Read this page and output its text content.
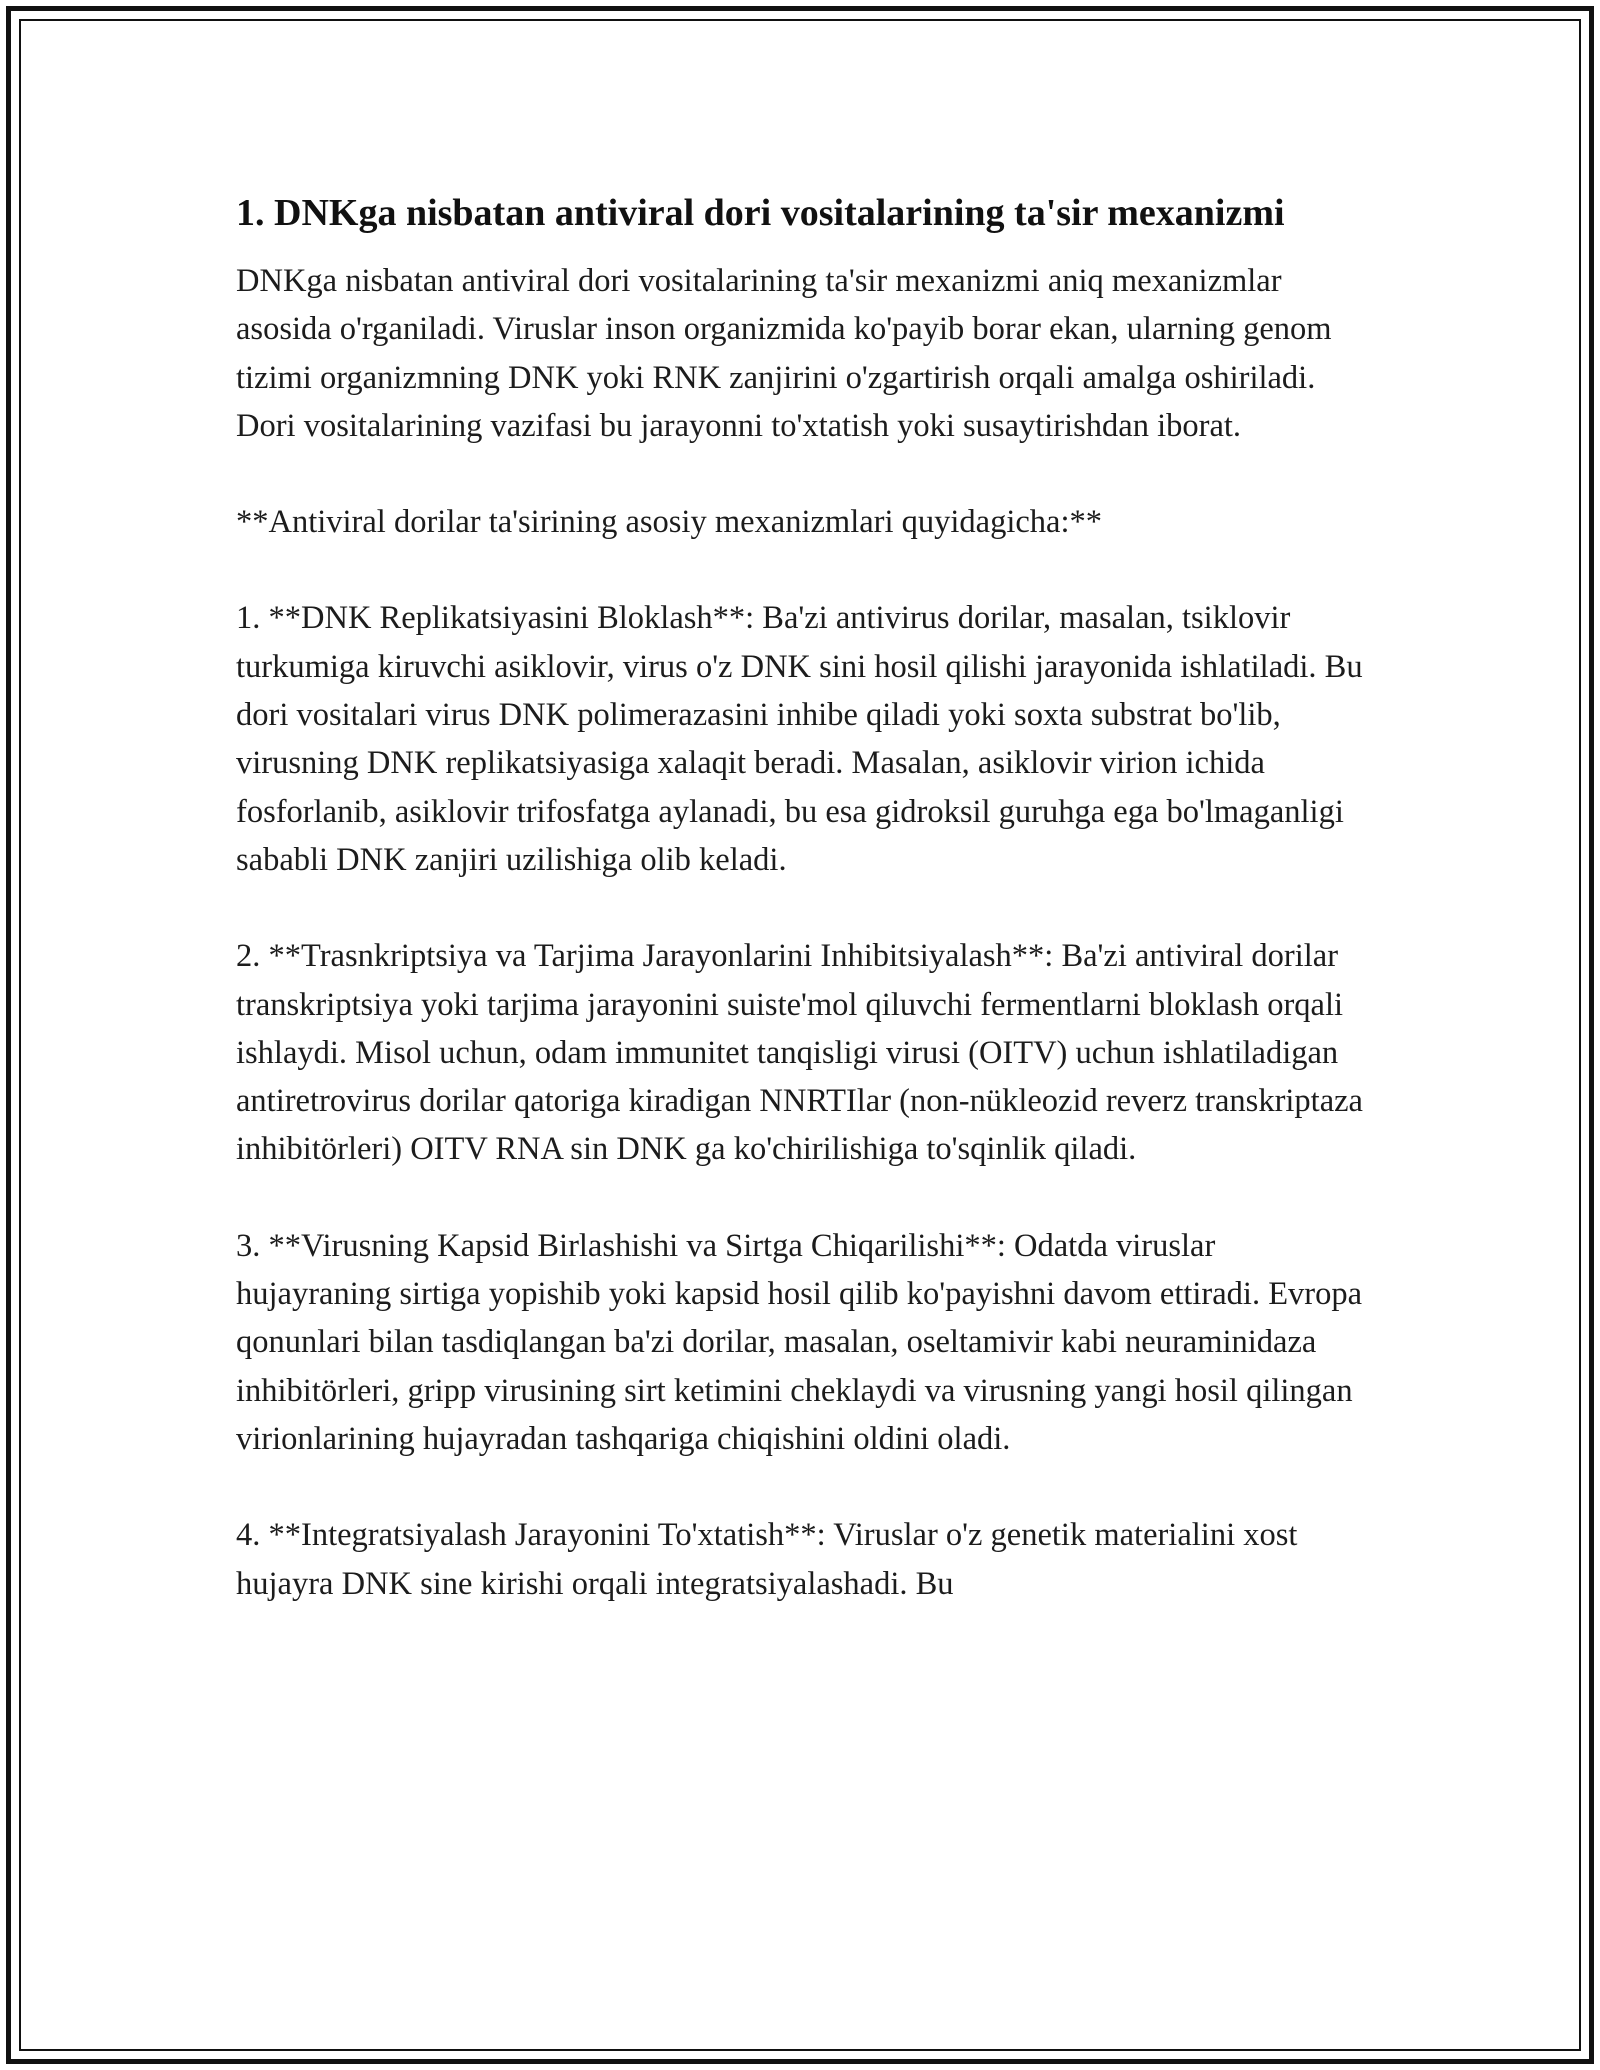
1. DNKga nisbatan antiviral dori vositalarining ta'sir mexanizmi

DNKga nisbatan antiviral dori vositalarining ta'sir mexanizmi aniq mexanizmlar asosida o'rganiladi. Viruslar inson organizmida ko'payib borar ekan, ularning genom tizimi organizmning DNK yoki RNK zanjirini o'zgartirish orqali amalga oshiriladi. Dori vositalarining vazifasi bu jarayonni to'xtatish yoki susaytirishdan iborat.

**Antiviral dorilar ta'sirining asosiy mexanizmlari quyidagicha:**

1. **DNK Replikatsiyasini Bloklash**: Ba'zi antivirus dorilar, masalan, tsiklovir turkumiga kiruvchi asiklovir, virus o'z DNK sini hosil qilishi jarayonida ishlatiladi. Bu dori vositalari virus DNK polimerazasini inhibe qiladi yoki soxta substrat bo'lib, virusning DNK replikatsiyasiga xalaqit beradi. Masalan, asiklovir virion ichida fosforlanib, asiklovir trifosfatga aylanadi, bu esa gidroksil guruhga ega bo'lmaganligi sababli DNK zanjiri uzilishiga olib keladi.

2. **Trasnkriptsiya va Tarjima Jarayonlarini Inhibitsiyalash**: Ba'zi antiviral dorilar transkriptsiya yoki tarjima jarayonini suiste'mol qiluvchi fermentlarni bloklash orqali ishlaydi. Misol uchun, odam immunitet tanqisligi virusi (OITV) uchun ishlatiladigan antiretrovirus dorilar qatoriga kiradigan NNRTIlar (non-nükleozid reverz transkriptaza inhibitörleri) OITV RNA sin DNK ga ko'chirilishiga to'sqinlik qiladi.

3. **Virusning Kapsid Birlashishi va Sirtga Chiqarilishi**: Odatda viruslar hujayraning sirtiga yopishib yoki kapsid hosil qilib ko'payishni davom ettiradi. Evropa qonunlari bilan tasdiqlangan ba'zi dorilar, masalan, oseltamivir kabi neuraminidaza inhibitörleri, gripp virusining sirt ketimini cheklaydi va virusning yangi hosil qilingan virionlarining hujayradan tashqariga chiqishini oldini oladi.

4. **Integratsiyalash Jarayonini To'xtatish**: Viruslar o'z genetik materialini xost hujayra DNK sine kirishi orqali integratsiyalashadi. Bu
